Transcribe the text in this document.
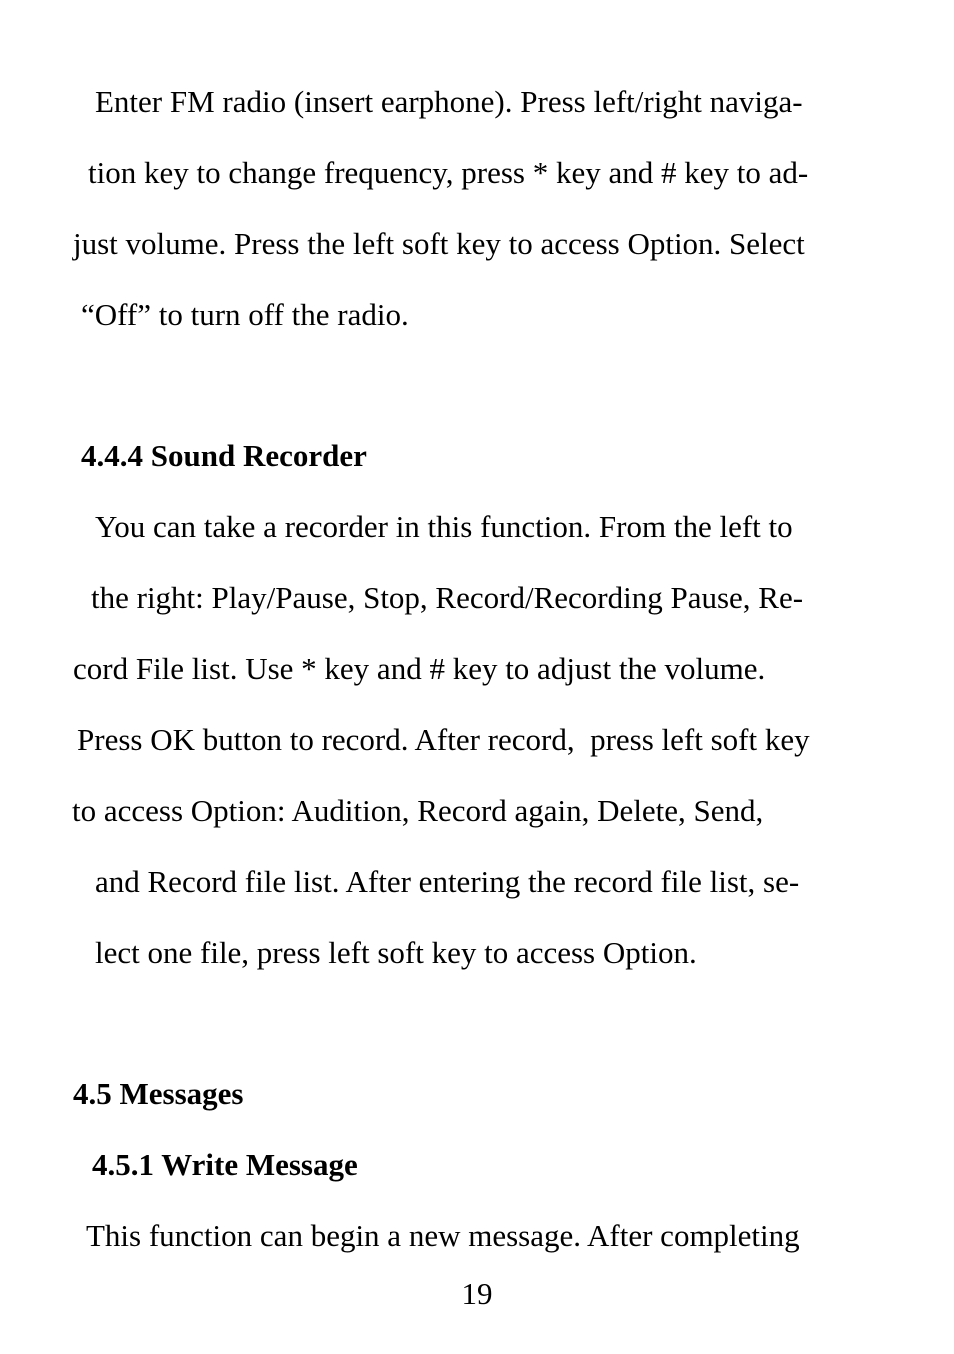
Enter FM radio (insert earphone). Press left/right naviga-
tion key to change frequency, press * key and # key to ad-
just volume. Press the left soft key to access Option. Select
“Off” to turn off the radio.
4.4.4 Sound Recorder
You can take a recorder in this function. From the left to
the right: Play/Pause, Stop, Record/Recording Pause, Re-
cord File list. Use * key and # key to adjust the volume.
Press OK button to record. After record,  press left soft key
to access Option: Audition, Record again, Delete, Send,
and Record file list. After entering the record file list, se-
lect one file, press left soft key to access Option.
4.5 Messages
4.5.1 Write Message
This function can begin a new message. After completing
19
